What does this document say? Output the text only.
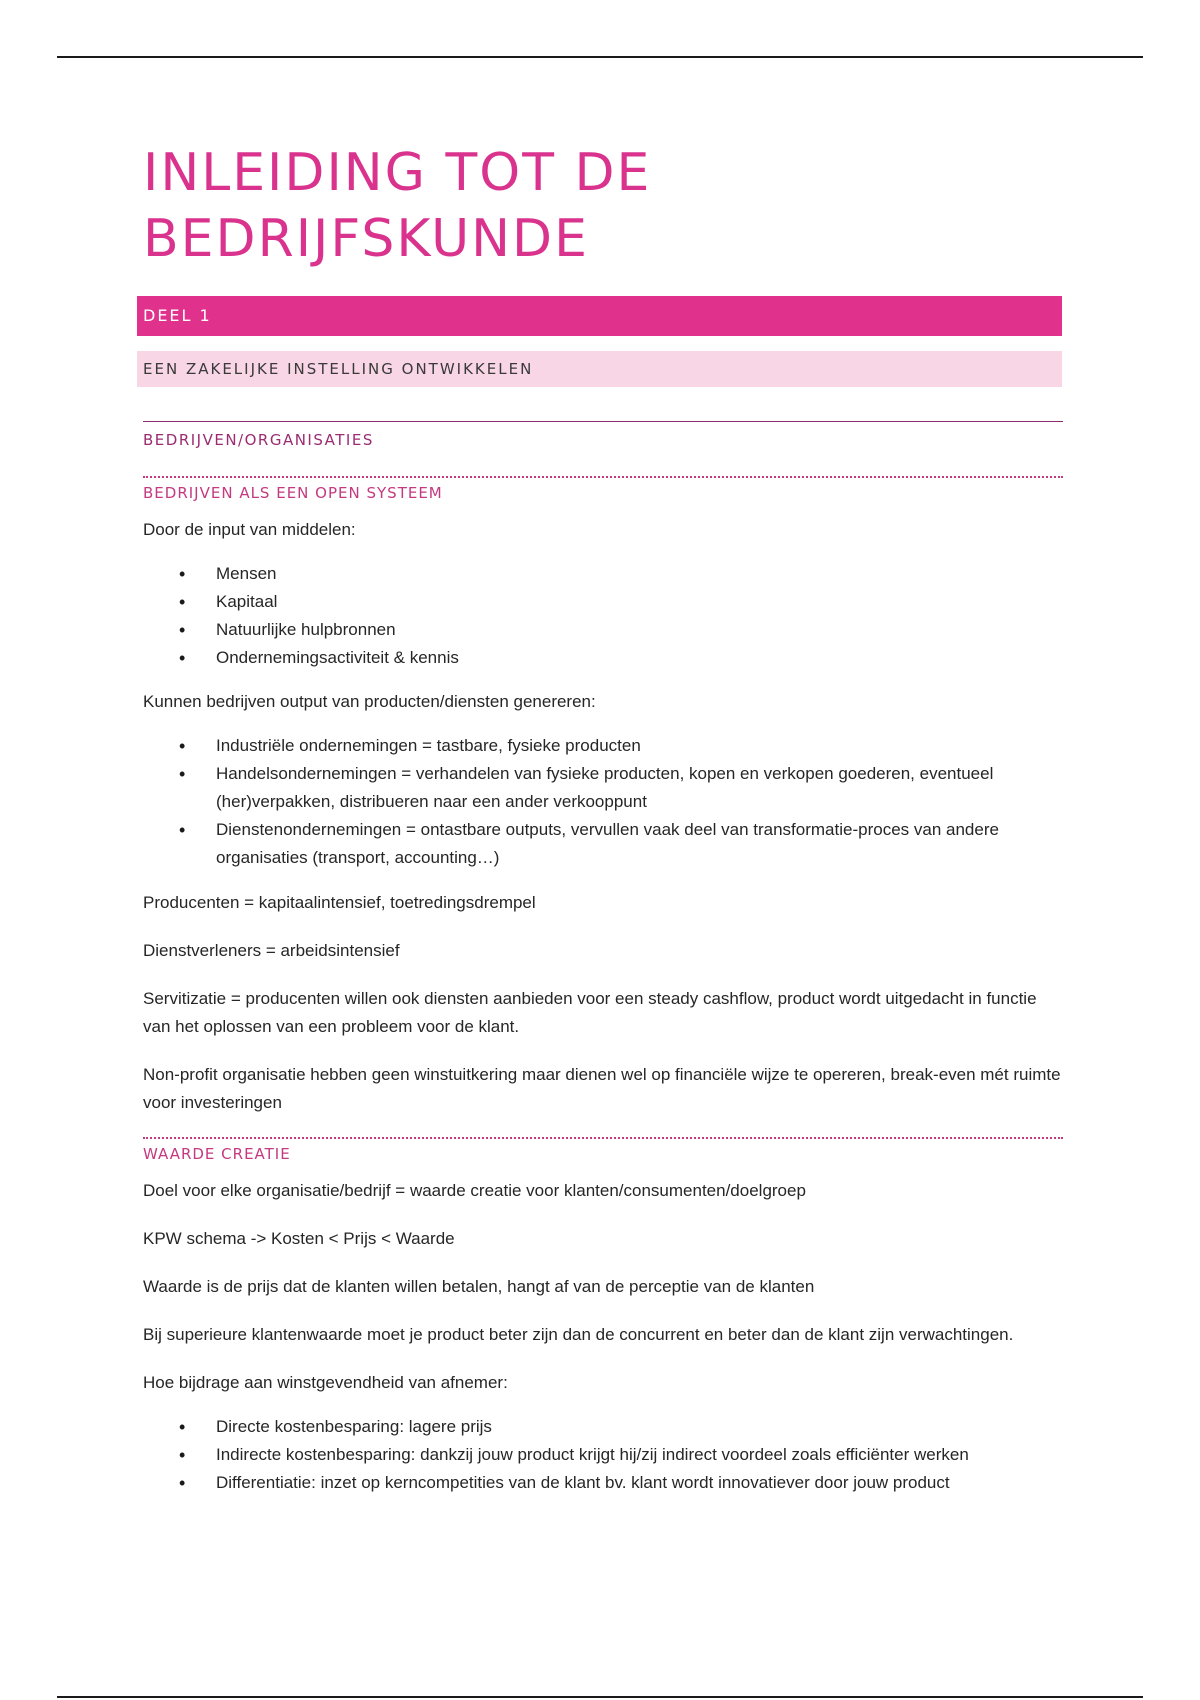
INLEIDING TOT DE
BEDRIJFSKUNDE
DEEL 1
EEN ZAKELIJKE INSTELLING ONTWIKKELEN
BEDRIJVEN/ORGANISATIES
BEDRIJVEN ALS EEN OPEN SYSTEEM

Door de input van middelen:

• Mensen
• Kapitaal
• Natuurlijke hulpbronnen
• Ondernemingsactiviteit & kennis

Kunnen bedrijven output van producten/diensten genereren:

• Industriële ondernemingen = tastbare, fysieke producten
• Handelsondernemingen = verhandelen van fysieke producten, kopen en verkopen goederen, eventueel (her)verpakken, distribueren naar een ander verkooppunt
• Dienstenondernemingen = ontastbare outputs, vervullen vaak deel van transformatie-proces van andere organisaties (transport, accounting…)

Producenten = kapitaalintensief, toetredingsdrempel

Dienstverleners = arbeidsintensief

Servitizatie = producenten willen ook diensten aanbieden voor een steady cashflow, product wordt uitgedacht in functie van het oplossen van een probleem voor de klant.

Non-profit organisatie hebben geen winstuitkering maar dienen wel op financiële wijze te opereren, break-even mét ruimte voor investeringen

WAARDE CREATIE

Doel voor elke organisatie/bedrijf = waarde creatie voor klanten/consumenten/doelgroep

KPW schema -> Kosten < Prijs < Waarde

Waarde is de prijs dat de klanten willen betalen, hangt af van de perceptie van de klanten

Bij superieure klantenwaarde moet je product beter zijn dan de concurrent en beter dan de klant zijn verwachtingen.

Hoe bijdrage aan winstgevendheid van afnemer:

• Directe kostenbesparing: lagere prijs
• Indirecte kostenbesparing: dankzij jouw product krijgt hij/zij indirect voordeel zoals efficiënter werken
• Differentiatie: inzet op kerncompetities van de klant bv. klant wordt innovatiever door jouw product
